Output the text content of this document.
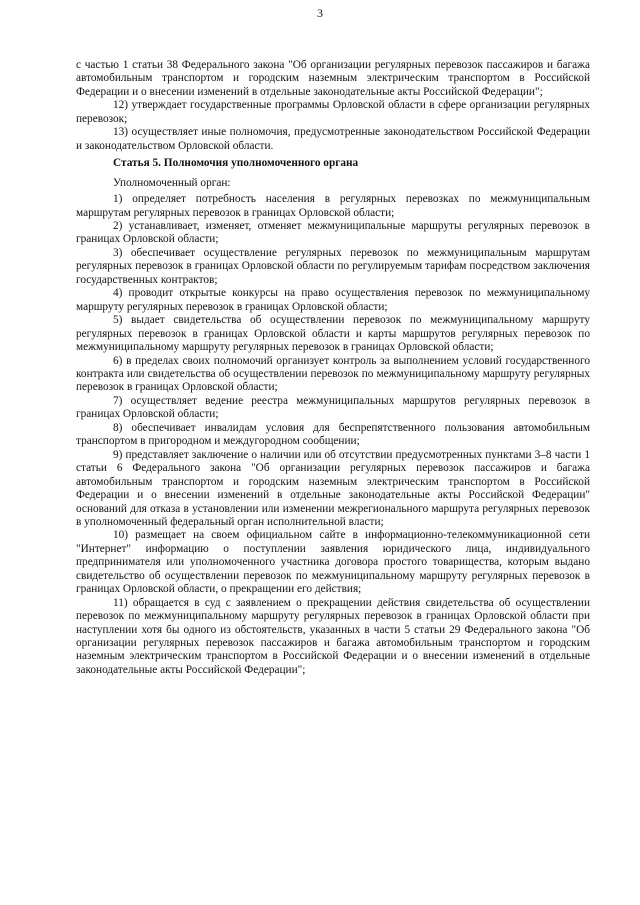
3

с частью 1 статьи 38 Федерального закона "Об организации регулярных перевозок пассажиров и багажа автомобильным транспортом и городским наземным электрическим транспортом в Российской Федерации и о внесении изменений в отдельные законодательные акты Российской Федерации";

12) утверждает государственные программы Орловской области в сфере организации регулярных перевозок;

13) осуществляет иные полномочия, предусмотренные законодательством Российской Федерации и законодательством Орловской области.

Статья 5. Полномочия уполномоченного органа

Уполномоченный орган:

1) определяет потребность населения в регулярных перевозках по межмуниципальным маршрутам регулярных перевозок в границах Орловской области;

2) устанавливает, изменяет, отменяет межмуниципальные маршруты регулярных перевозок в границах Орловской области;

3) обеспечивает осуществление регулярных перевозок по межмуниципальным маршрутам регулярных перевозок в границах Орловской области по регулируемым тарифам посредством заключения государственных контрактов;

4) проводит открытые конкурсы на право осуществления перевозок по межмуниципальному маршруту регулярных перевозок в границах Орловской области;

5) выдает свидетельства об осуществлении перевозок по межмуниципальному маршруту регулярных перевозок в границах Орловской области и карты маршрутов регулярных перевозок по межмуниципальному маршруту регулярных перевозок в границах Орловской области;

6) в пределах своих полномочий организует контроль за выполнением условий государственного контракта или свидетельства об осуществлении перевозок по межмуниципальному маршруту регулярных перевозок в границах Орловской области;

7) осуществляет ведение реестра межмуниципальных маршрутов регулярных перевозок в границах Орловской области;

8) обеспечивает инвалидам условия для беспрепятственного пользования автомобильным транспортом в пригородном и междугородном сообщении;

9) представляет заключение о наличии или об отсутствии предусмотренных пунктами 3–8 части 1 статьи 6 Федерального закона "Об организации регулярных перевозок пассажиров и багажа автомобильным транспортом и городским наземным электрическим транспортом в Российской Федерации и о внесении изменений в отдельные законодательные акты Российской Федерации" оснований для отказа в установлении или изменении межрегионального маршрута регулярных перевозок в уполномоченный федеральный орган исполнительной власти;

10) размещает на своем официальном сайте в информационно-телекоммуникационной сети "Интернет" информацию о поступлении заявления юридического лица, индивидуального предпринимателя или уполномоченного участника договора простого товарищества, которым выдано свидетельство об осуществлении перевозок по межмуниципальному маршруту регулярных перевозок в границах Орловской области, о прекращении его действия;

11) обращается в суд с заявлением о прекращении действия свидетельства об осуществлении перевозок по межмуниципальному маршруту регулярных перевозок в границах Орловской области при наступлении хотя бы одного из обстоятельств, указанных в части 5 статьи 29 Федерального закона "Об организации регулярных перевозок пассажиров и багажа автомобильным транспортом и городским наземным электрическим транспортом в Российской Федерации и о внесении изменений в отдельные законодательные акты Российской Федерации";
